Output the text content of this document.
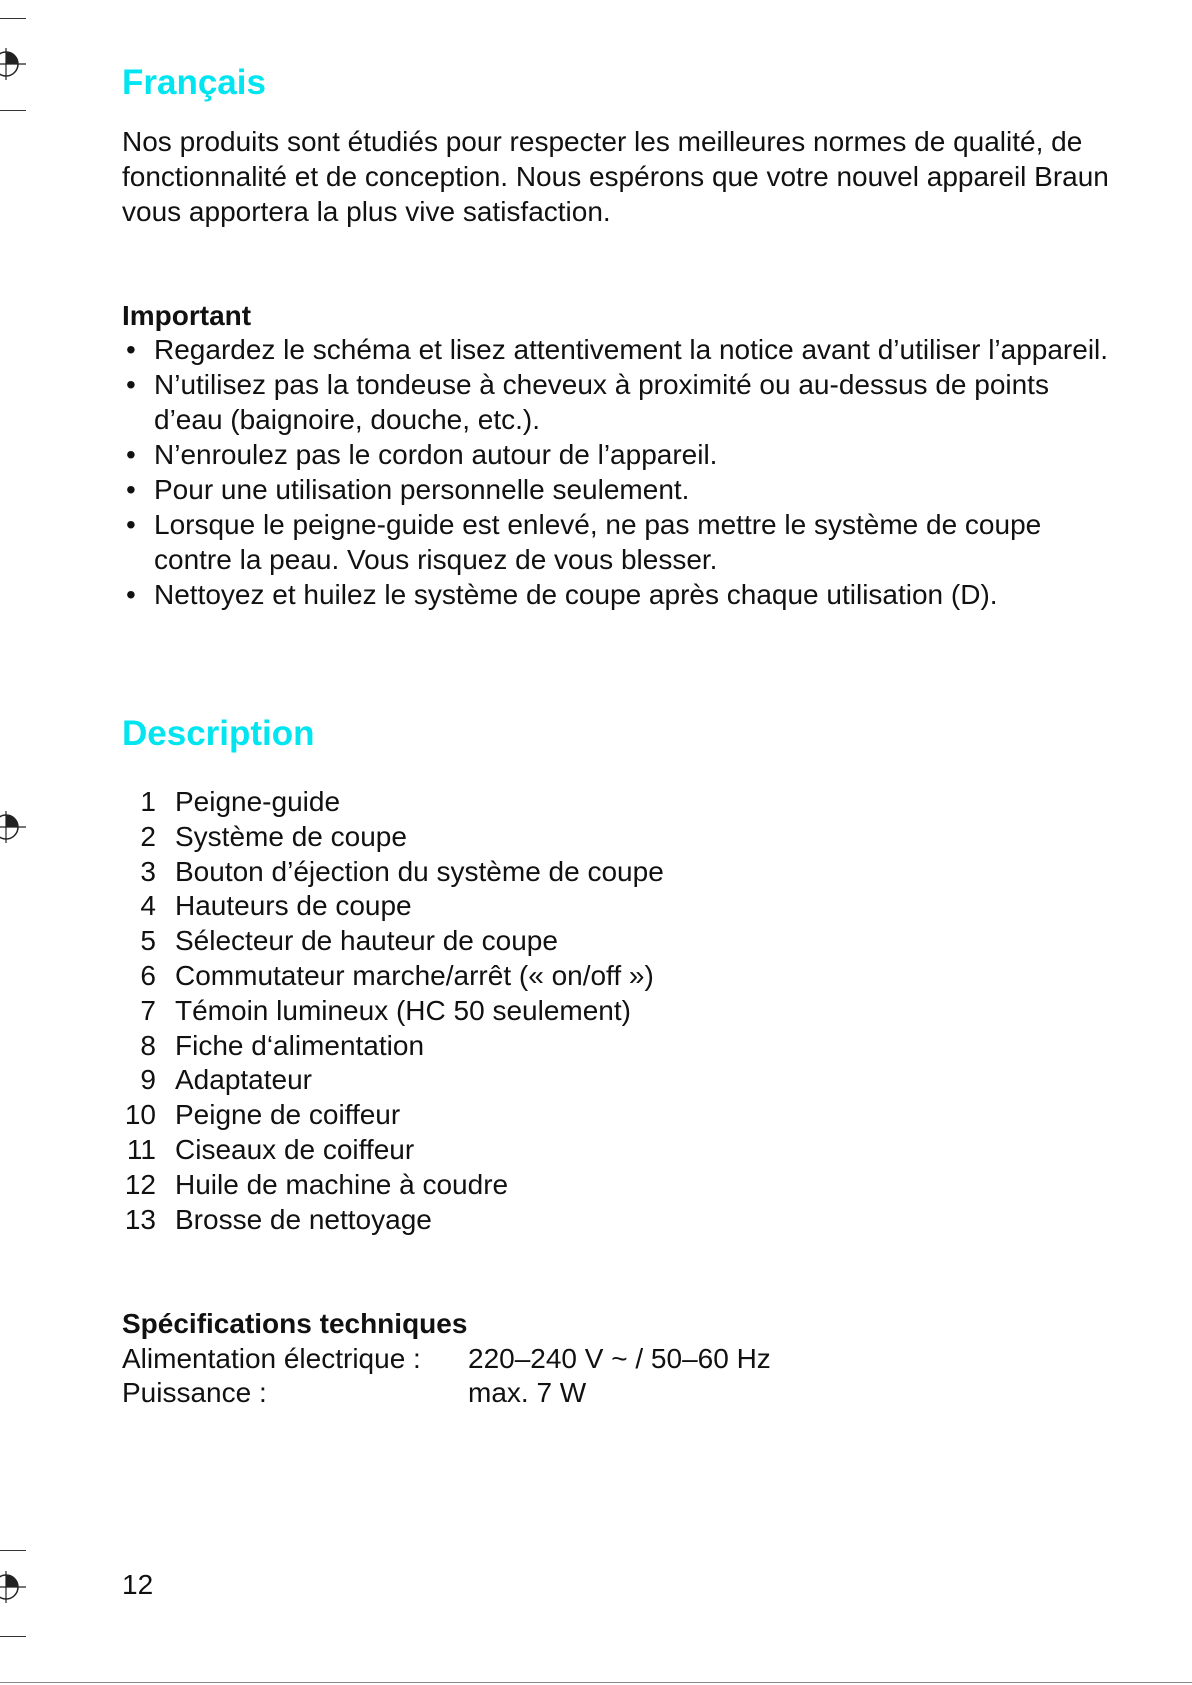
Français

Nos produits sont étudiés pour respecter les meilleures normes de qualité, de fonctionnalité et de conception. Nous espérons que votre nouvel appareil Braun vous apportera la plus vive satisfaction.

Important
• Regardez le schéma et lisez attentivement la notice avant d’utiliser l’appareil.
• N’utilisez pas la tondeuse à cheveux à proximité ou au-dessus de points d’eau (baignoire, douche, etc.).
• N’enroulez pas le cordon autour de l’appareil.
• Pour une utilisation personnelle seulement.
• Lorsque le peigne-guide est enlevé, ne pas mettre le système de coupe contre la peau. Vous risquez de vous blesser.
• Nettoyez et huilez le système de coupe après chaque utilisation (D).
Description
1 Peigne-guide
2 Système de coupe
3 Bouton d’éjection du système de coupe
4 Hauteurs de coupe
5 Sélecteur de hauteur de coupe
6 Commutateur marche/arrêt (« on/off »)
7 Témoin lumineux (HC 50 seulement)
8 Fiche d‘alimentation
9 Adaptateur
10 Peigne de coiffeur
11 Ciseaux de coiffeur
12 Huile de machine à coudre
13 Brosse de nettoyage
Spécifications techniques
Alimentation électrique :	220–240 V ~ / 50–60 Hz
Puissance :	max. 7 W
12
